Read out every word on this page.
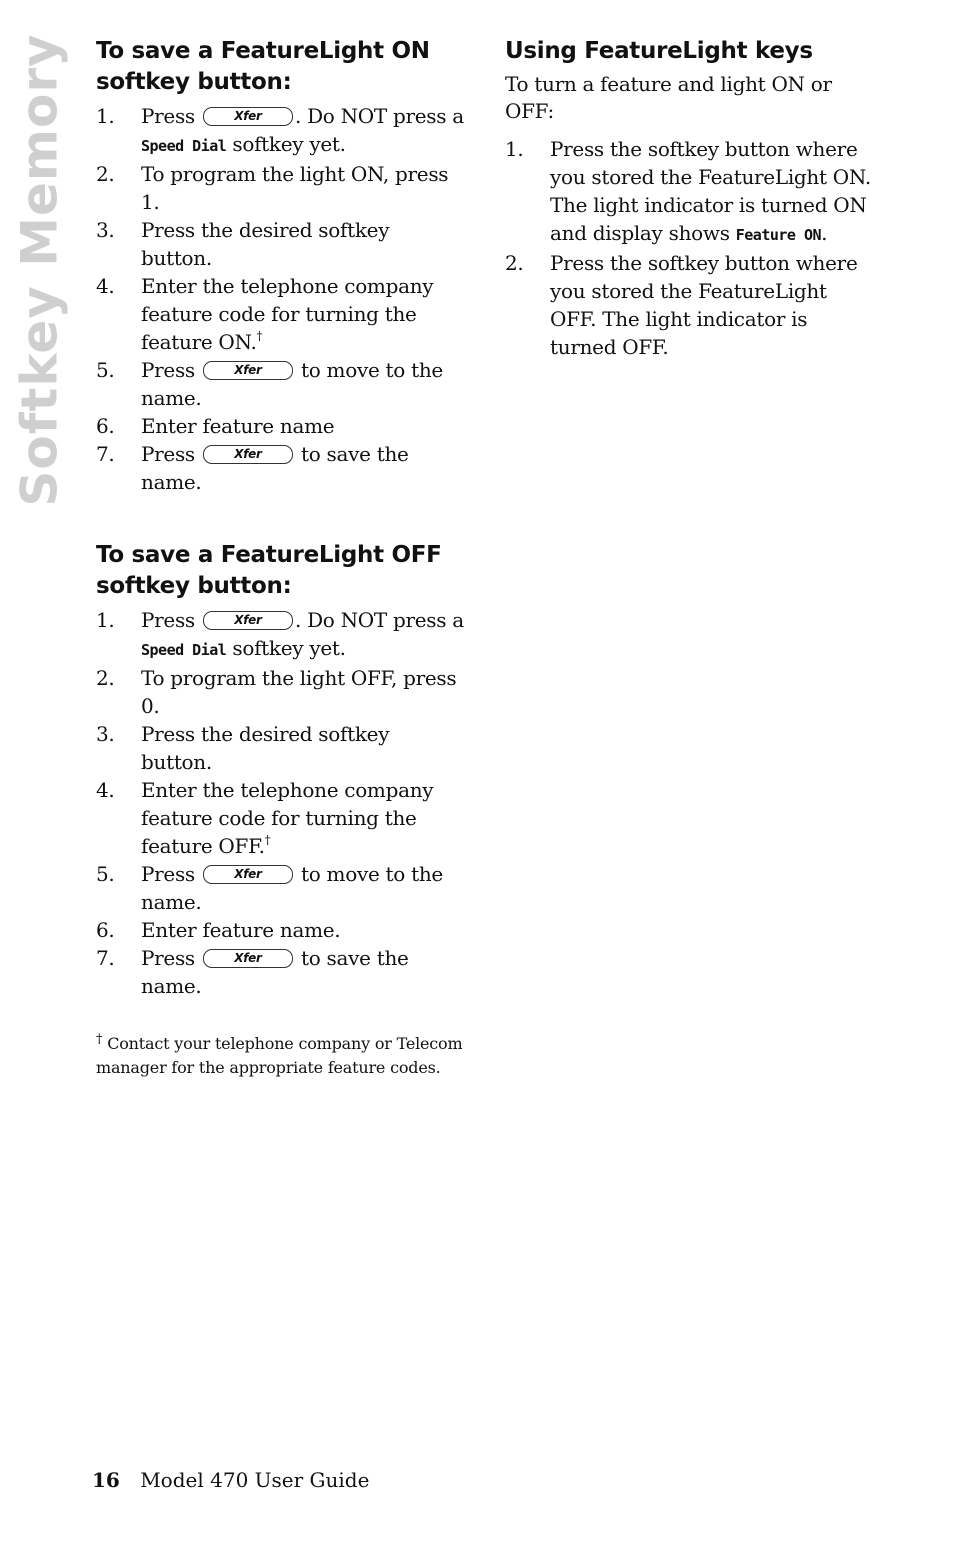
Softkey Memory To save a FeatureLight ON
softkey button:
1.	Press	Xfer . Do NOT press a Speed Dial softkey yet.
2.	To program the light ON, press 1.
3.	Press the desired softkey button.
4.	Enter the telephone company feature code for turning the feature ON.†
5.	Press	Xfer to move to the name.
6.	Enter feature name
7.	Press	Xfer to save the name.
To save a FeatureLight OFF
softkey button:
1.	Press	Xfer . Do NOT press a Speed Dial softkey yet.
2.	To program the light OFF, press 0.
3.	Press the desired softkey button.
4.	Enter the telephone company feature code for turning the feature OFF.†
5.	Press	Xfer to move to the name.
6.	Enter feature name.
7.	Press	Xfer to save the name.

† Contact your telephone company or Telecom manager for the appropriate feature codes.

Using FeatureLight keys

To turn a feature and light ON or OFF:

1.	Press the softkey button where you stored the FeatureLight ON. The light indicator is turned ON and display shows Feature ON.
2.	Press the softkey button where you stored the FeatureLight OFF. The light indicator is turned OFF.
16 Model 470 User Guide
